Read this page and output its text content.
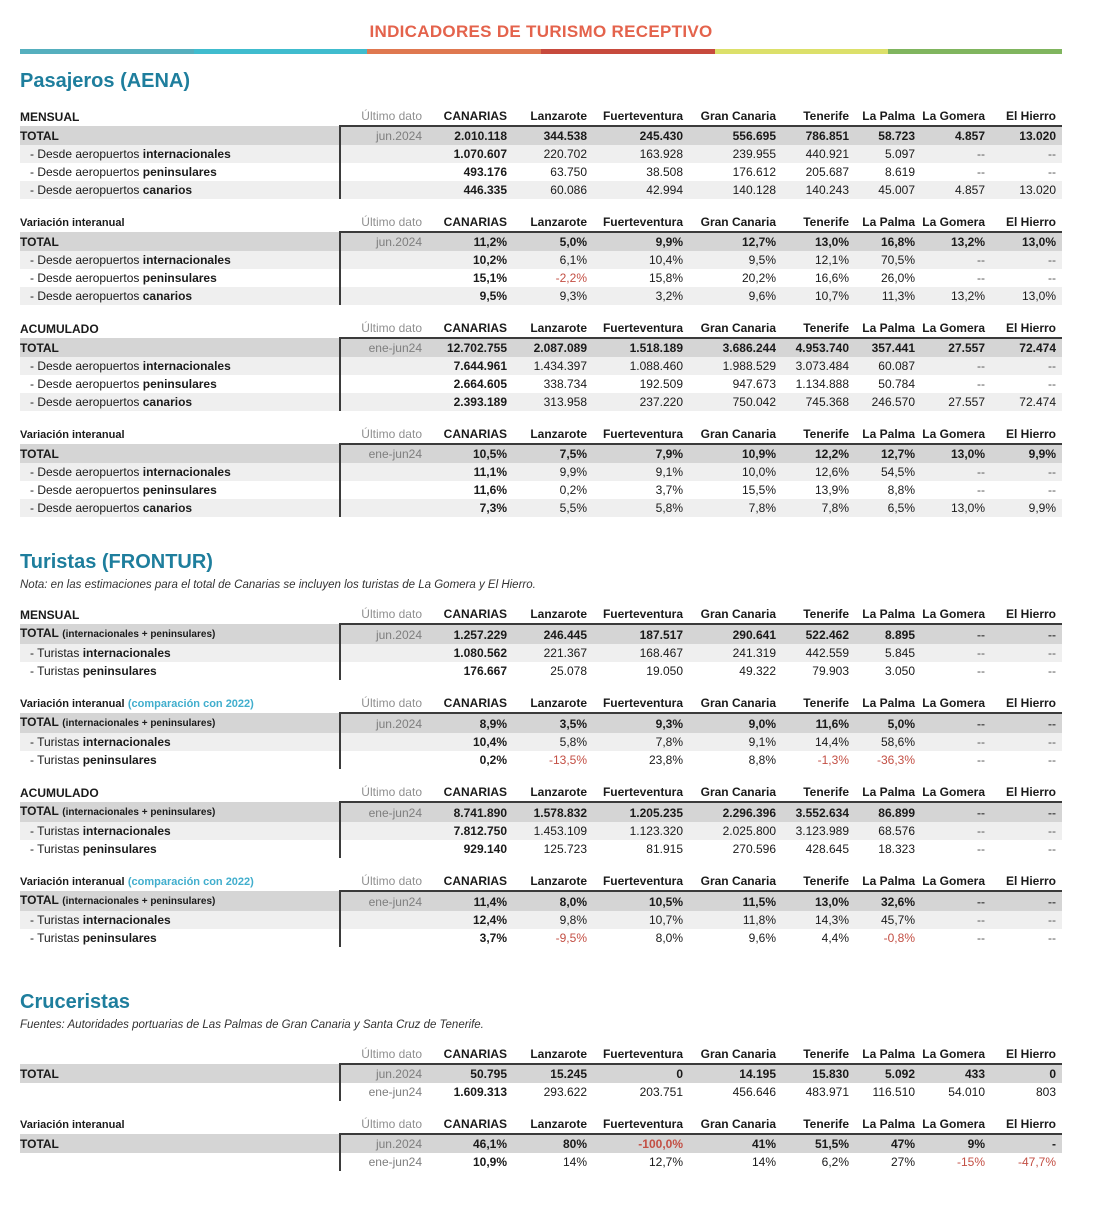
INDICADORES DE TURISMO RECEPTIVO
Pasajeros (AENA)
MENSUAL	Último dato	CANARIAS	Lanzarote	Fuerteventura	Gran Canaria	Tenerife	La Palma	La Gomera	El Hierro
TOTAL	jun.2024	2.010.118	344.538	245.430	556.695	786.851	58.723	4.857	13.020
- Desde aeropuertos internacionales		1.070.607	220.702	163.928	239.955	440.921	5.097	--	--
- Desde aeropuertos peninsulares		493.176	63.750	38.508	176.612	205.687	8.619	--	--
- Desde aeropuertos canarios		446.335	60.086	42.994	140.128	140.243	45.007	4.857	13.020
Variación interanual	Último dato	CANARIAS	Lanzarote	Fuerteventura	Gran Canaria	Tenerife	La Palma	La Gomera	El Hierro
TOTAL	jun.2024	11,2%	5,0%	9,9%	12,7%	13,0%	16,8%	13,2%	13,0%
- Desde aeropuertos internacionales		10,2%	6,1%	10,4%	9,5%	12,1%	70,5%	--	--
- Desde aeropuertos peninsulares		15,1%	-2,2%	15,8%	20,2%	16,6%	26,0%	--	--
- Desde aeropuertos canarios		9,5%	9,3%	3,2%	9,6%	10,7%	11,3%	13,2%	13,0%
ACUMULADO	Último dato	CANARIAS	Lanzarote	Fuerteventura	Gran Canaria	Tenerife	La Palma	La Gomera	El Hierro
TOTAL	ene-jun24	12.702.755	2.087.089	1.518.189	3.686.244	4.953.740	357.441	27.557	72.474
- Desde aeropuertos internacionales		7.644.961	1.434.397	1.088.460	1.988.529	3.073.484	60.087	--	--
- Desde aeropuertos peninsulares		2.664.605	338.734	192.509	947.673	1.134.888	50.784	--	--
- Desde aeropuertos canarios		2.393.189	313.958	237.220	750.042	745.368	246.570	27.557	72.474
Variación interanual	Último dato	CANARIAS	Lanzarote	Fuerteventura	Gran Canaria	Tenerife	La Palma	La Gomera	El Hierro
TOTAL	ene-jun24	10,5%	7,5%	7,9%	10,9%	12,2%	12,7%	13,0%	9,9%
- Desde aeropuertos internacionales		11,1%	9,9%	9,1%	10,0%	12,6%	54,5%	--	--
- Desde aeropuertos peninsulares		11,6%	0,2%	3,7%	15,5%	13,9%	8,8%	--	--
- Desde aeropuertos canarios		7,3%	5,5%	5,8%	7,8%	7,8%	6,5%	13,0%	9,9%
Turistas (FRONTUR)

Nota: en las estimaciones para el total de Canarias se incluyen los turistas de La Gomera y El Hierro.

MENSUAL	Último dato	CANARIAS	Lanzarote	Fuerteventura	Gran Canaria	Tenerife	La Palma	La Gomera	El Hierro
TOTAL (internacionales + peninsulares)	jun.2024	1.257.229	246.445	187.517	290.641	522.462	8.895	--	--
- Turistas internacionales		1.080.562	221.367	168.467	241.319	442.559	5.845	--	--
- Turistas peninsulares		176.667	25.078	19.050	49.322	79.903	3.050	--	--
Variación interanual (comparación con 2022)	Último dato	CANARIAS	Lanzarote	Fuerteventura	Gran Canaria	Tenerife	La Palma	La Gomera	El Hierro
TOTAL (internacionales + peninsulares)	jun.2024	8,9%	3,5%	9,3%	9,0%	11,6%	5,0%	--	--
- Turistas internacionales		10,4%	5,8%	7,8%	9,1%	14,4%	58,6%	--	--
- Turistas peninsulares		0,2%	-13,5%	23,8%	8,8%	-1,3%	-36,3%	--	--
ACUMULADO	Último dato	CANARIAS	Lanzarote	Fuerteventura	Gran Canaria	Tenerife	La Palma	La Gomera	El Hierro
TOTAL (internacionales + peninsulares)	ene-jun24	8.741.890	1.578.832	1.205.235	2.296.396	3.552.634	86.899	--	--
- Turistas internacionales		7.812.750	1.453.109	1.123.320	2.025.800	3.123.989	68.576	--	--
- Turistas peninsulares		929.140	125.723	81.915	270.596	428.645	18.323	--	--
Variación interanual (comparación con 2022)	Último dato	CANARIAS	Lanzarote	Fuerteventura	Gran Canaria	Tenerife	La Palma	La Gomera	El Hierro
TOTAL (internacionales + peninsulares)	ene-jun24	11,4%	8,0%	10,5%	11,5%	13,0%	32,6%	--	--
- Turistas internacionales		12,4%	9,8%	10,7%	11,8%	14,3%	45,7%	--	--
- Turistas peninsulares		3,7%	-9,5%	8,0%	9,6%	4,4%	-0,8%	--	--
Cruceristas

Fuentes: Autoridades portuarias de Las Palmas de Gran Canaria y Santa Cruz de Tenerife.

	Último dato	CANARIAS	Lanzarote	Fuerteventura	Gran Canaria	Tenerife	La Palma	La Gomera	El Hierro
TOTAL	jun.2024	50.795	15.245	0	14.195	15.830	5.092	433	0
	ene-jun24	1.609.313	293.622	203.751	456.646	483.971	116.510	54.010	803
Variación interanual	Último dato	CANARIAS	Lanzarote	Fuerteventura	Gran Canaria	Tenerife	La Palma	La Gomera	El Hierro
TOTAL	jun.2024	46,1%	80%	-100,0%	41%	51,5%	47%	9%	-
	ene-jun24	10,9%	14%	12,7%	14%	6,2%	27%	-15%	-47,7%
